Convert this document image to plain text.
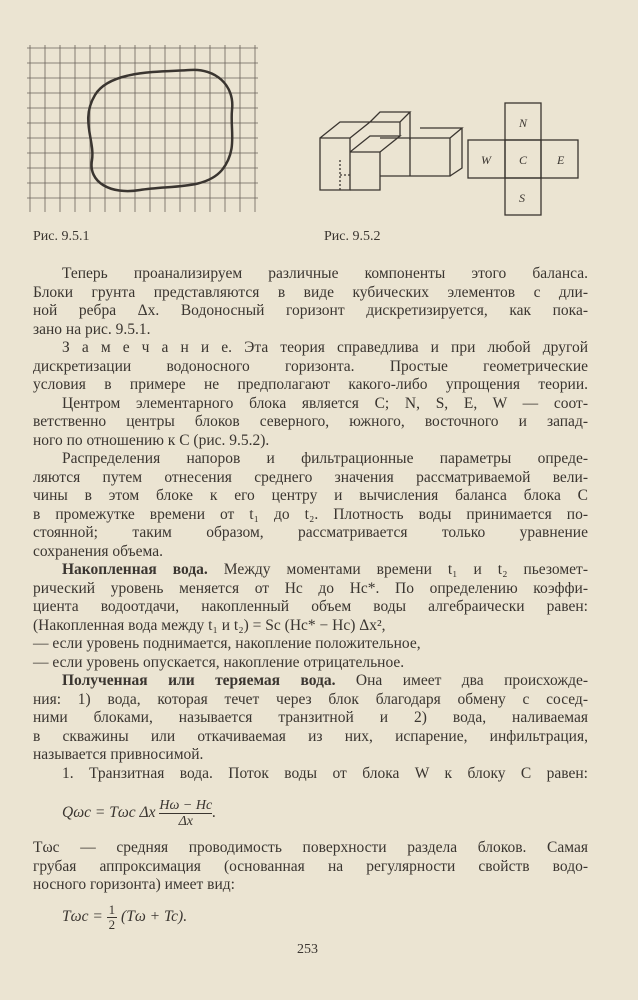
N
W C E
S
Рис. 9.5.1	Рис. 9.5.2
Теперь проанализируем различные компоненты этого баланса.
Блоки грунта представляются в виде кубических элементов с дли-
ной ребра Δx. Водоносный горизонт дискретизируется, как пока-
зано на рис. 9.5.1.
З а м е ч а н и е. Эта теория справедлива и при любой другой
дискретизации водоносного горизонта. Простые геометрические
условия в примере не предполагают какого-либо упрощения теории.
Центром элементарного блока является C; N, S, E, W — соот-
ветственно центры блоков северного, южного, восточного и запад-
ного по отношению к C (рис. 9.5.2).
Распределения напоров и фильтрационные параметры опреде-
ляются путем отнесения среднего значения рассматриваемой вели-
чины в этом блоке к его центру и вычисления баланса блока C
в промежутке времени от t₁ до t₂. Плотность воды принимается по-
стоянной; таким образом, рассматривается только уравнение
сохранения объема.
Накопленная вода. Между моментами времени t₁ и t₂ пьезомет-
рический уровень меняется от Hc до Hc*. По определению коэффи-
циента водоотдачи, накопленный объем воды алгебраически равен:
(Накопленная вода между t₁ и t₂) = Sc (Hc* − Hc) Δx²,
— если уровень поднимается, накопление положительное,
— если уровень опускается, накопление отрицательное.
Полученная или теряемая вода. Она имеет два происхожде-
ния: 1) вода, которая течет через блок благодаря обмену с сосед-
ними блоками, называется транзитной и 2) вода, наливаемая
в скважины или откачиваемая из них, испарение, инфильтрация,
называется привносимой.
1. Транзитная вода. Поток воды от блока W к блоку C равен:
Tωc — средняя проводимость поверхности раздела блоков. Самая
грубая аппроксимация (основанная на регулярности свойств водо-
носного горизонта) имеет вид:
Qωc = Tωc Δx $\frac{H\omega - Hc}{\Delta x}$ .
$T\omega c = \frac{1}{2} (T\omega + Tc)$.
253
